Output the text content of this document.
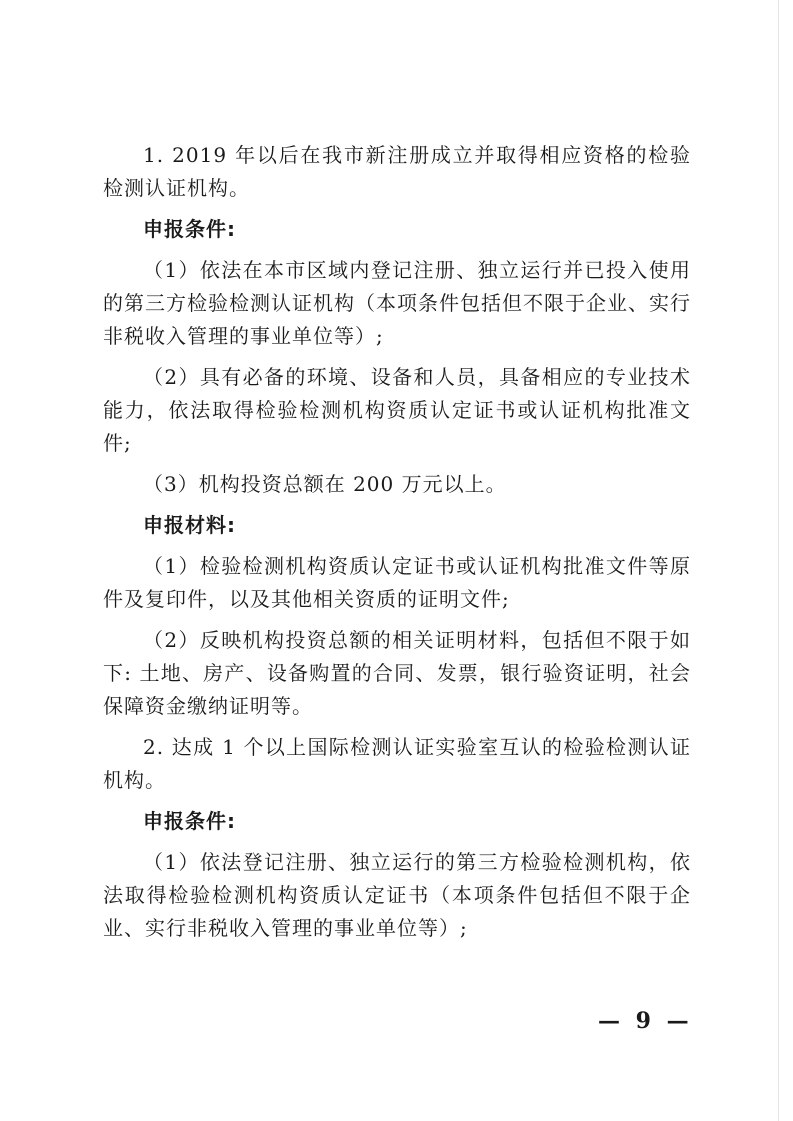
1. 2019 年以后在我市新注册成立并取得相应资格的检验检测认证机构。

申报条件:

（1）依法在本市区域内登记注册、独立运行并已投入使用的第三方检验检测认证机构（本项条件包括但不限于企业、实行非税收入管理的事业单位等）;

（2）具有必备的环境、设备和人员，具备相应的专业技术能力，依法取得检验检测机构资质认定证书或认证机构批准文件;

（3）机构投资总额在 200 万元以上。

申报材料:

（1）检验检测机构资质认定证书或认证机构批准文件等原件及复印件，以及其他相关资质的证明文件;

（2）反映机构投资总额的相关证明材料，包括但不限于如下: 土地、房产、设备购置的合同、发票，银行验资证明，社会保障资金缴纳证明等。

2. 达成 1 个以上国际检测认证实验室互认的检验检测认证机构。

申报条件:

（1）依法登记注册、独立运行的第三方检验检测机构，依法取得检验检测机构资质认定证书（本项条件包括但不限于企业、实行非税收入管理的事业单位等）;

— 9 —
